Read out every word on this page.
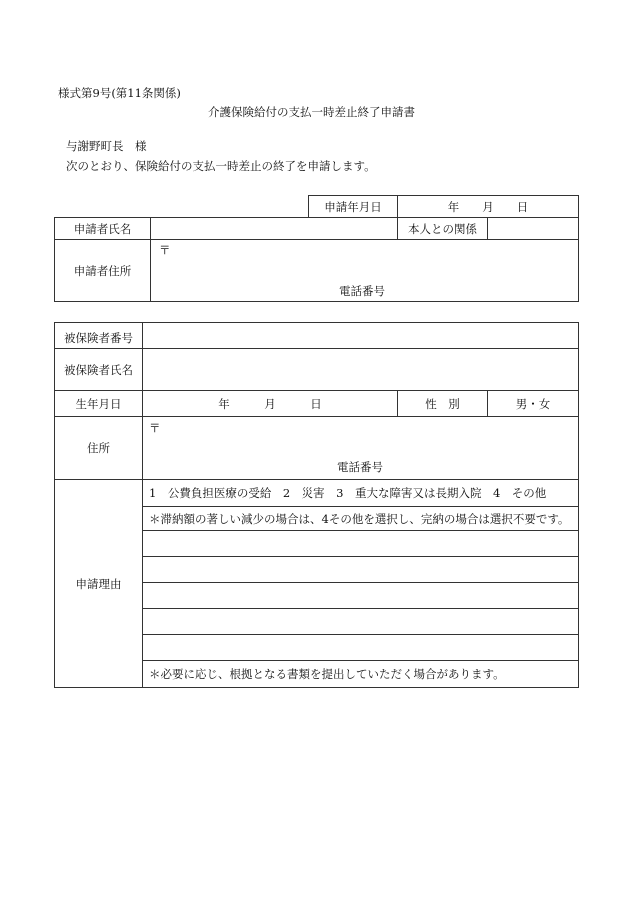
様式第9号(第11条関係)
介護保険給付の支払一時差止終了申請書
与謝野町長　様
次のとおり、保険給付の支払一時差止の終了を申請します。
		申請年月日	年　　月　　日	
申請者氏名			本人との関係	
申請者住所	〒
電話番号			
被保険者番号			
被保険者氏名			
生年月日	年　　　月　　　日	性　別	男・女
住所	〒
電話番号		

申請理由	1　公費負担医療の受給　2　災害　3　重大な障害又は長期入院　4　その他		
	＊滞納額の著しい減少の場合は、4その他を選択し、完納の場合は選択不要です。		

	＊必要に応じ、根拠となる書類を提出していただく場合があります。		
